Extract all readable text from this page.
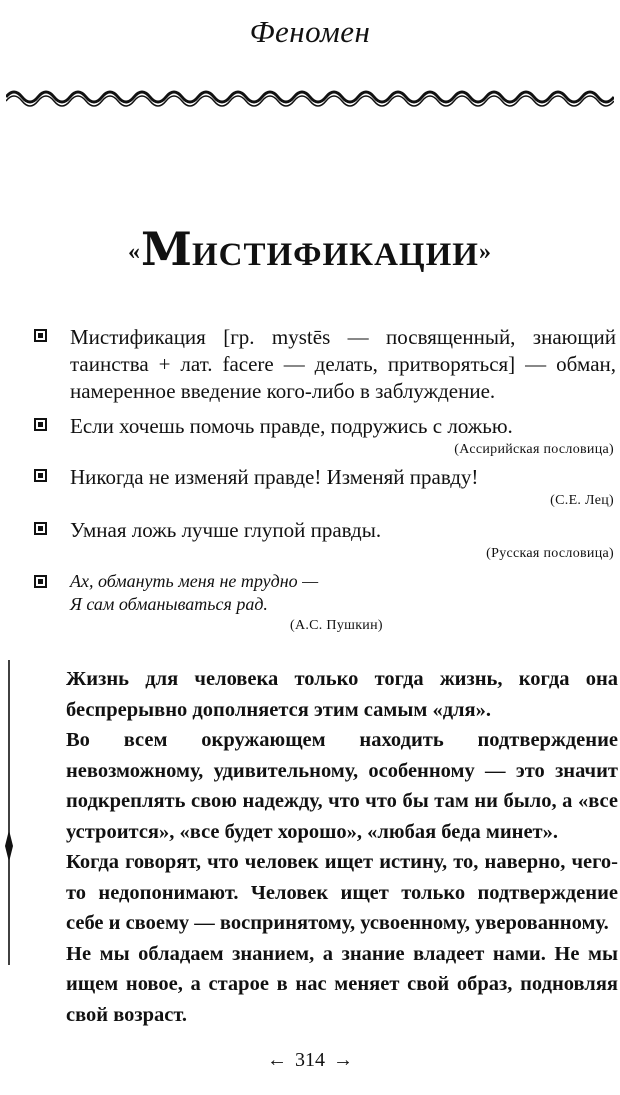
Феномен
«МИСТИФИКАЦИИ»
Мистификация [гр. mystēs — посвященный, знающий таинства + лат. facere — делать, притворяться] — обман, намеренное введение кого-либо в заблуждение.
Если хочешь помочь правде, подружись с ложью.
(Ассирийская пословица)
Никогда не изменяй правде! Изменяй правду!
(С.Е. Лец)
Умная ложь лучше глупой правды.
(Русская пословица)
Ах, обмануть меня не трудно —
Я сам обманываться рад.
(А.С. Пушкин)

Жизнь для человека только тогда жизнь, когда она беспрерывно дополняется этим самым «для».

Во всем окружающем находить подтверждение невозможному, удивительному, особенному — это значит подкреплять свою надежду, что что бы там ни было, а «все устроится», «все будет хорошо», «любая беда минет».

Когда говорят, что человек ищет истину, то, наверно, чего-то недопонимают. Человек ищет только подтверждение себе и своему — воспринятому, усвоенному, уверованному.

Не мы обладаем знанием, а знание владеет нами. Не мы ищем новое, а старое в нас меняет свой образ, подновляя свой возраст.

← 314 →
